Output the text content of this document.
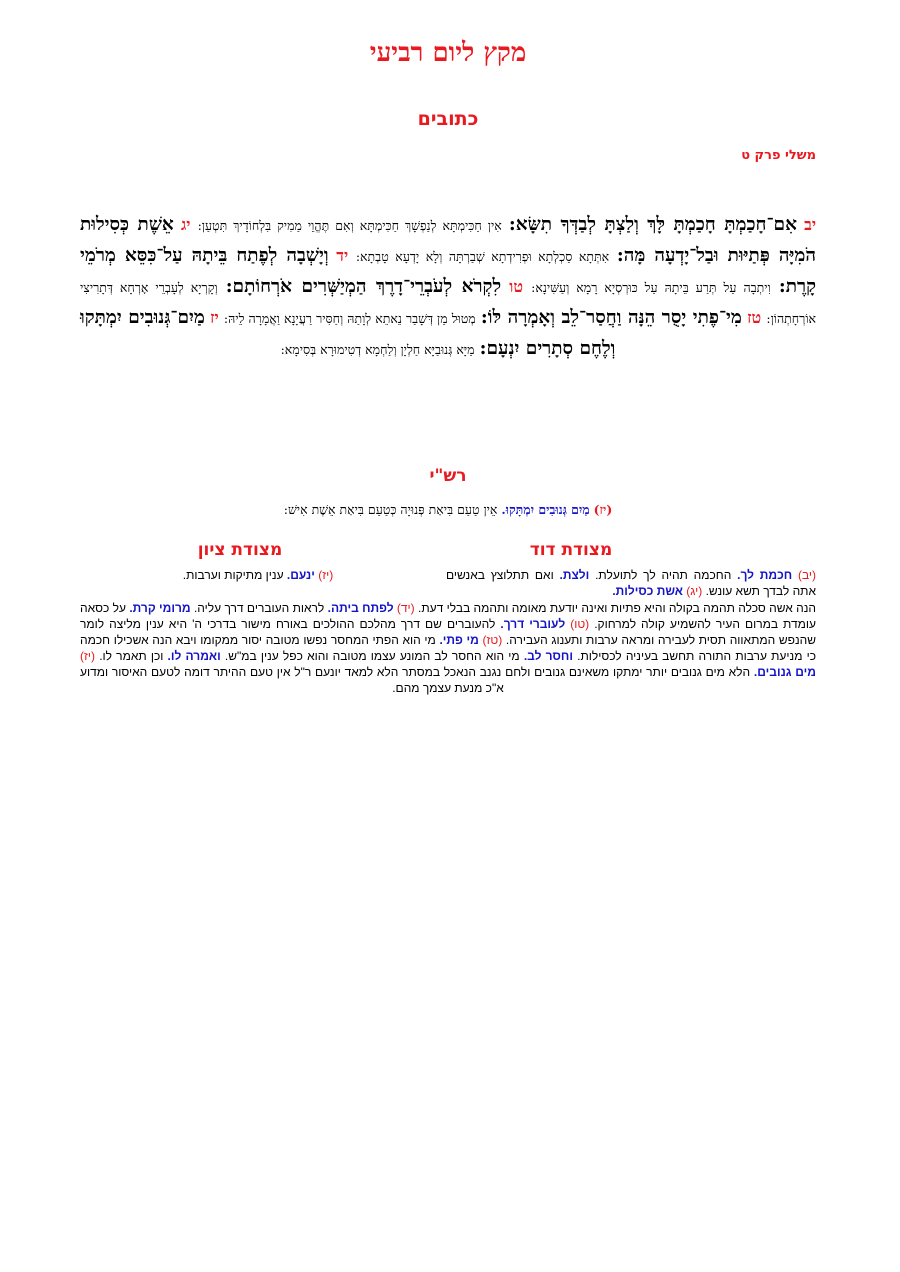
מקץ ליום רביעי
כתובים
משלי פרק ט
יב אִם־חָכַמְתָּ חָכַמְתָּ לָּךְ וְלַצְתָּ לְבַדְּךָ תִשָּׂא: אִין חַכִּימְתָּא לְנַפְשָׁךְ חַכִּימְתָּא וְאִם תֶּהֱוֵי מַמִיק בִּלְחוֹדָיךְ תִּטְעַן: יג אֵשֶׁת כְּסִילוּת הֹמִיָּה פְּתַיּוּת וּבַל־יָדְעָה מָּה: אִתְּתָא סַכְלְתָא וּפְרִידְתָא שְׁבַרְתָּה וְלָא יָדְעָא טָבְתָא: יד וְיָשְׁבָה לְפֶתַח בֵּיתָהּ עַל־כִּסֵּא מְרֹמֵי קָרֶת: וִיתְבָה עַל תְּרַע בֵּיתָהּ עַל כּוּרְסְיָא רָמָא וְעַשִּׁינָא: טו לִקְרֹא לְעֹבְרֵי־דָרֶךְ הַמְיַשְּׁרִים אֹרְחוֹתָם: וְקָרְיָא לְעָבְרֵי אָרְחָא דְּתָרִיצִי אוֹרְחָתְהוֹן: טז מִי־פֶתִי יָסֻר הֵנָּה וַחֲסַר־לֵב וְאָמְרָה לּוֹ: מְטוּל מַן דְּשָׁבַר נֵאתֵא לְוָתַהּ וְחַסִּיר רַעֲיָנָא וַאֲמָרָה לֵיהּ: יז מַיִם־גְּנוּבִים יִמְתָּקוּ וְלֶחֶם סְתָרִים יִנְעָם: מַיָּא גְּנוּבַיָּא חַלְיָן וְלַחְמָא דְטִימוּרָא בְּסִימָא:
רש"י
(יז) מַיִם גְּנוּבִים יִמְתָּקוּ. אֵין טַעַם בִּיאַת פְּנוּיָה כְּטַעַם בִּיאַת אֵשֶׁת אִישׁ:
מצודת דוד
מצודת ציון
(יב) חכמת לך. החכמה תהיה לך לתועלת. ולצת. ואם תתלוצץ באנשים אתה לבדך תשא עונש. (יג) אשת כסילות.
(יז) ינעם. ענין מתיקות וערבות.
הנה אשה סכלה תהמה בקולה והיא פתיות ואינה יודעת מאומה ותהמה בבלי דעת. (יד) לפתח ביתה. לראות העוברים דרך עליה. מרומי קרת. על כסאה עומדת במרום העיר להשמיע קולה למרחוק. (טו) לעוברי דרך. להעוברים שם דרך מהלכם ההולכים באורח מישור בדרכי ה' היא ענין מליצה לומר שהנפש המתאווה תסית לעבירה ומראה ערבות ותענוג העבירה. (טז) מי פתי. מי הוא הפתי המחסר נפשו מטובה יסור ממקומו ויבא הנה אשכילו חכמה כי מניעת ערבות התורה תחשב בעיניה לכסילות. וחסר לב. מי הוא החסר לב המונע עצמו מטובה והוא כפל ענין במ"ש. ואמרה לו. וכן תאמר לו. (יז) מים גנובים. הלא מים גנובים יותר ימתקו משאינם גנובים ולחם נגנב הנאכל במסתר הלא למאד יונעם ר"ל אין טעם ההיתר דומה לטעם האיסור ומדוע א"כ מנעת עצמך מהם.
